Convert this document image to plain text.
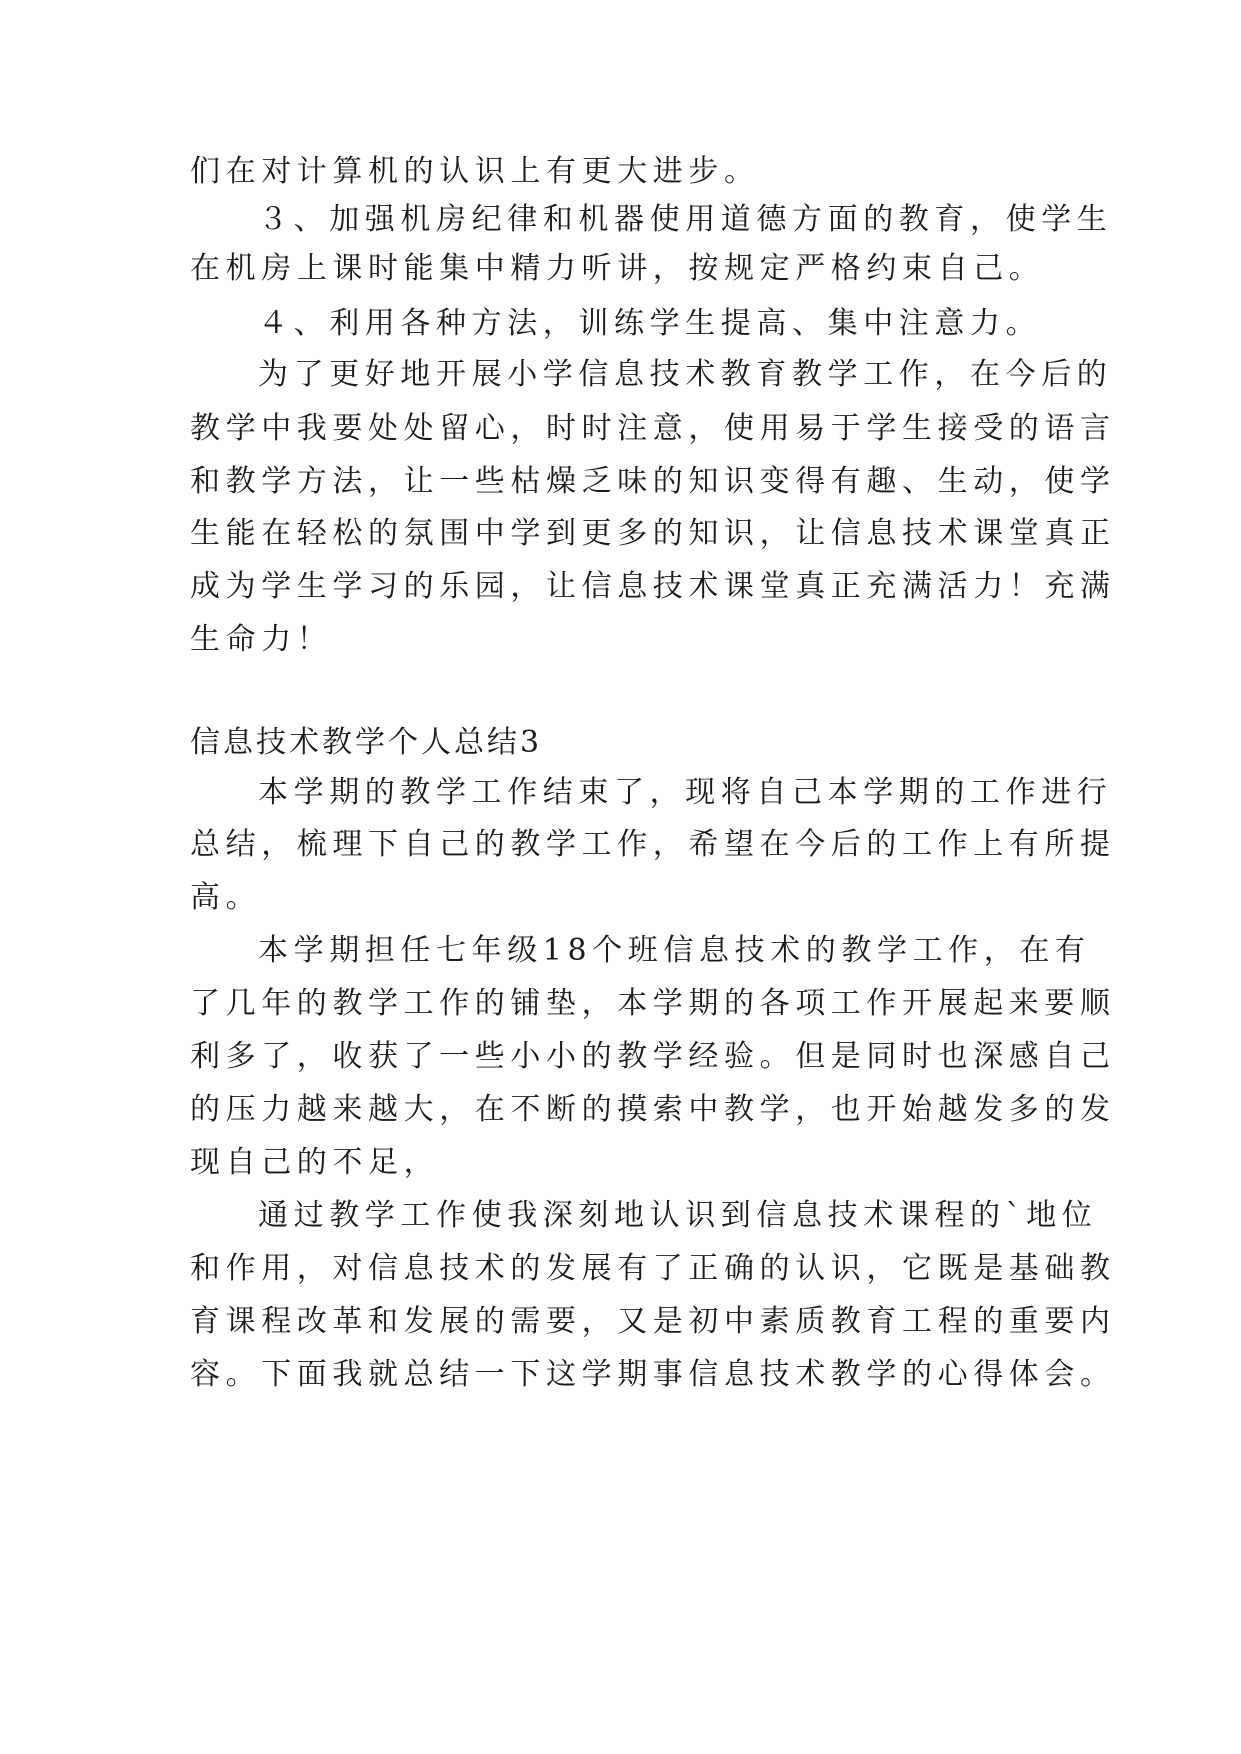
们在对计算机的认识上有更大进步。
３、加强机房纪律和机器使用道德方面的教育，使学生
在机房上课时能集中精力听讲，按规定严格约束自己。
４、利用各种方法，训练学生提高、集中注意力。
为了更好地开展小学信息技术教育教学工作，在今后的
教学中我要处处留心，时时注意，使用易于学生接受的语言
和教学方法，让一些枯燥乏味的知识变得有趣、生动，使学
生能在轻松的氛围中学到更多的知识，让信息技术课堂真正
成为学生学习的乐园，让信息技术课堂真正充满活力！充满
生命力！
信息技术教学个人总结3
本学期的教学工作结束了，现将自己本学期的工作进行
总结，梳理下自己的教学工作，希望在今后的工作上有所提
高。
本学期担任七年级18个班信息技术的教学工作，在有
了几年的教学工作的铺垫，本学期的各项工作开展起来要顺
利多了，收获了一些小小的教学经验。但是同时也深感自己
的压力越来越大，在不断的摸索中教学，也开始越发多的发
现自己的不足，
通过教学工作使我深刻地认识到信息技术课程的`地位
和作用，对信息技术的发展有了正确的认识，它既是基础教
育课程改革和发展的需要，又是初中素质教育工程的重要内
容。下面我就总结一下这学期事信息技术教学的心得体会。
